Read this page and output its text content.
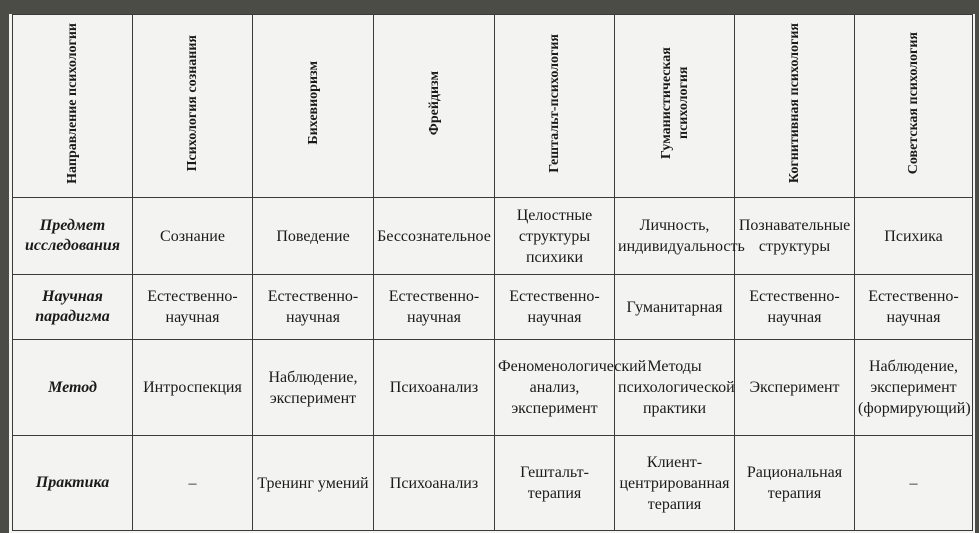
Направление психологии	Психология сознания	Бихевиоризм	Фрейдизм	Гештальт-психология	Гуманистическая психология	Когнитивная психология	Советская психология
Предмет исследования	Сознание	Поведение	Бессознательное	Целостные структуры психики	Личность, индивидуальность	Познавательные структуры	Психика
Научная парадигма	Естественно-научная	Естественно-научная	Естественно-научная	Естественно-научная	Гуманитарная	Естественно-научная	Естественно-научная
Метод	Интроспекция	Наблюдение, эксперимент	Психоанализ	Феноменологический анализ, эксперимент	Методы психологической практики	Эксперимент	Наблюдение, эксперимент (формирующий)
Практика	–	Тренинг умений	Психоанализ	Гештальт-терапия	Клиент-центрированная терапия	Рациональная терапия	–
